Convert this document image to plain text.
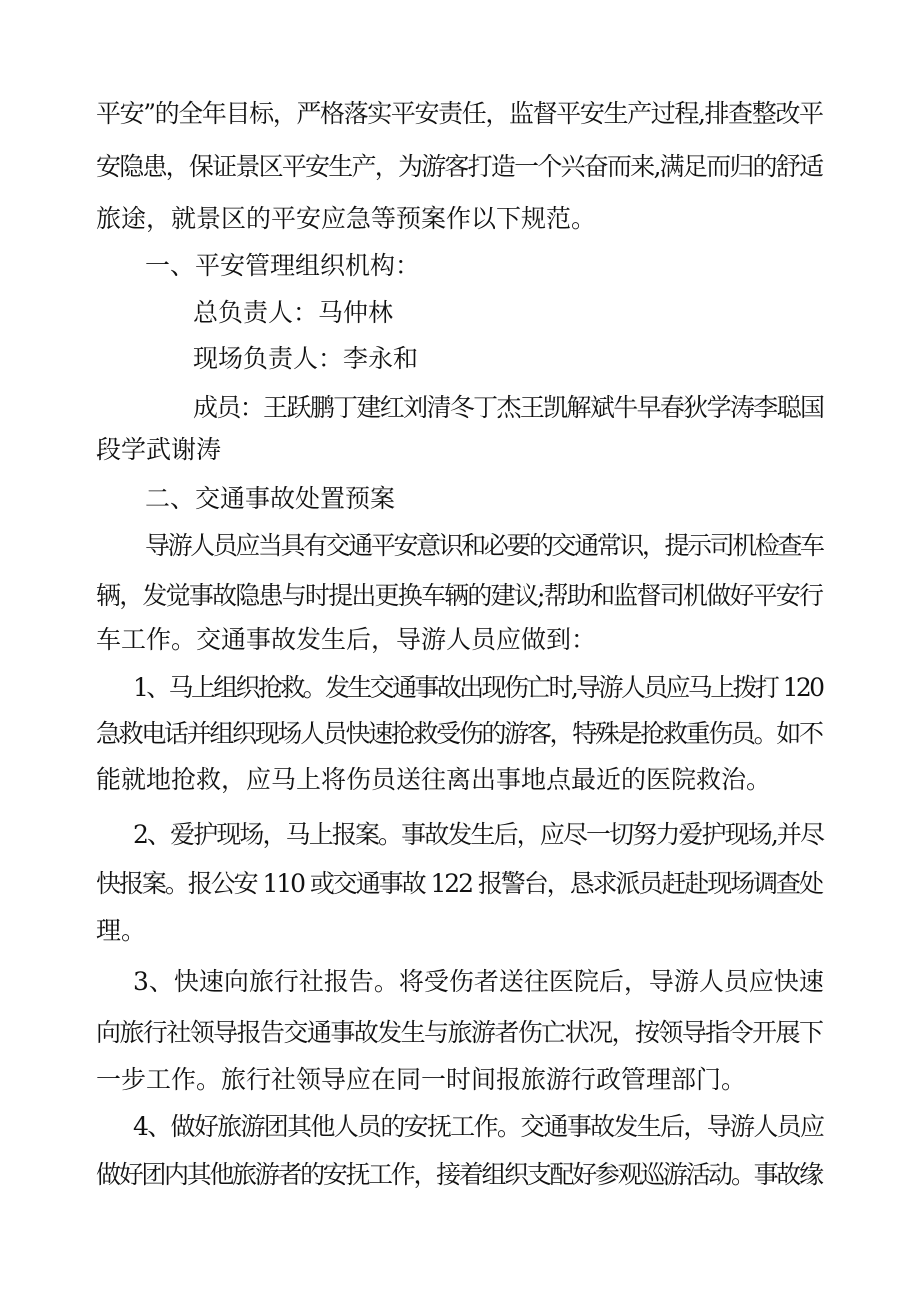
平安”的全年目标，严格落实平安责任，监督平安生产过程,排查整改平
安隐患，保证景区平安生产，为游客打造一个兴奋而来,满足而归的舒适
旅途，就景区的平安应急等预案作以下规范。
一、平安管理组织机构：
总负责人：马仲林
现场负责人：李永和
成员：王跃鹏丁建红刘清冬丁杰王凯解斌牛早春狄学涛李聪国
段学武谢涛
二、交通事故处置预案
导游人员应当具有交通平安意识和必要的交通常识，提示司机检查车
辆，发觉事故隐患与时提出更换车辆的建议;帮助和监督司机做好平安行
车工作。交通事故发生后，导游人员应做到：
1、马上组织抢救。发生交通事故出现伤亡时,导游人员应马上拨打 120
急救电话并组织现场人员快速抢救受伤的游客，特殊是抢救重伤员。如不
能就地抢救，应马上将伤员送往离出事地点最近的医院救治。
2、爱护现场，马上报案。事故发生后，应尽一切努力爱护现场,并尽
快报案。报公安 110 或交通事故 122 报警台，恳求派员赶赴现场调查处
理。
3、快速向旅行社报告。将受伤者送往医院后，导游人员应快速
向旅行社领导报告交通事故发生与旅游者伤亡状况，按领导指令开展下
一步工作。旅行社领导应在同一时间报旅游行政管理部门。
4、做好旅游团其他人员的安抚工作。交通事故发生后，导游人员应
做好团内其他旅游者的安抚工作，接着组织支配好参观巡游活动。事故缘
